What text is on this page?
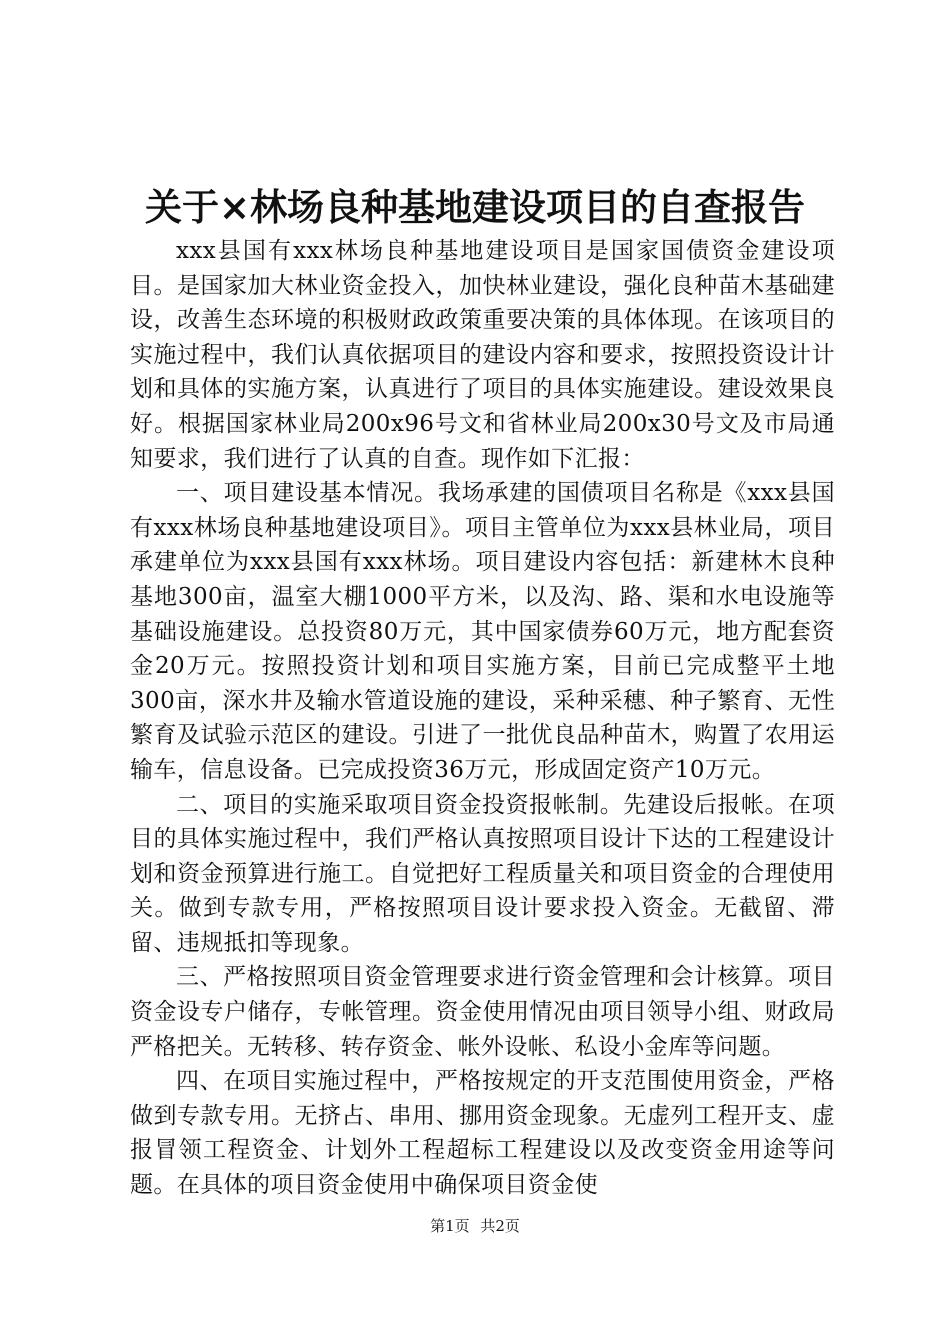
关于×林场良种基地建设项目的自查报告

xxx县国有xxx林场良种基地建设项目是国家国债资金建设项目。是国家加大林业资金投入，加快林业建设，强化良种苗木基础建设，改善生态环境的积极财政政策重要决策的具体体现。在该项目的实施过程中，我们认真依据项目的建设内容和要求，按照投资设计计划和具体的实施方案，认真进行了项目的具体实施建设。建设效果良好。根据国家林业局200x96号文和省林业局200x30号文及市局通知要求，我们进行了认真的自查。现作如下汇报：

一、项目建设基本情况。我场承建的国债项目名称是《xxx县国有xxx林场良种基地建设项目》。项目主管单位为xxx县林业局，项目承建单位为xxx县国有xxx林场。项目建设内容包括：新建林木良种基地300亩，温室大棚1000平方米，以及沟、路、渠和水电设施等基础设施建设。总投资80万元，其中国家债券60万元，地方配套资金20万元。按照投资计划和项目实施方案，目前已完成整平土地300亩，深水井及输水管道设施的建设，采种采穗、种子繁育、无性繁育及试验示范区的建设。引进了一批优良品种苗木，购置了农用运输车，信息设备。已完成投资36万元，形成固定资产10万元。

二、项目的实施采取项目资金投资报帐制。先建设后报帐。在项目的具体实施过程中，我们严格认真按照项目设计下达的工程建设计划和资金预算进行施工。自觉把好工程质量关和项目资金的合理使用关。做到专款专用，严格按照项目设计要求投入资金。无截留、滞留、违规抵扣等现象。

三、严格按照项目资金管理要求进行资金管理和会计核算。项目资金设专户储存，专帐管理。资金使用情况由项目领导小组、财政局严格把关。无转移、转存资金、帐外设帐、私设小金库等问题。

四、在项目实施过程中，严格按规定的开支范围使用资金，严格做到专款专用。无挤占、串用、挪用资金现象。无虚列工程开支、虚报冒领工程资金、计划外工程超标工程建设以及改变资金用途等问题。在具体的项目资金使用中确保项目资金使

第1页 共2页
